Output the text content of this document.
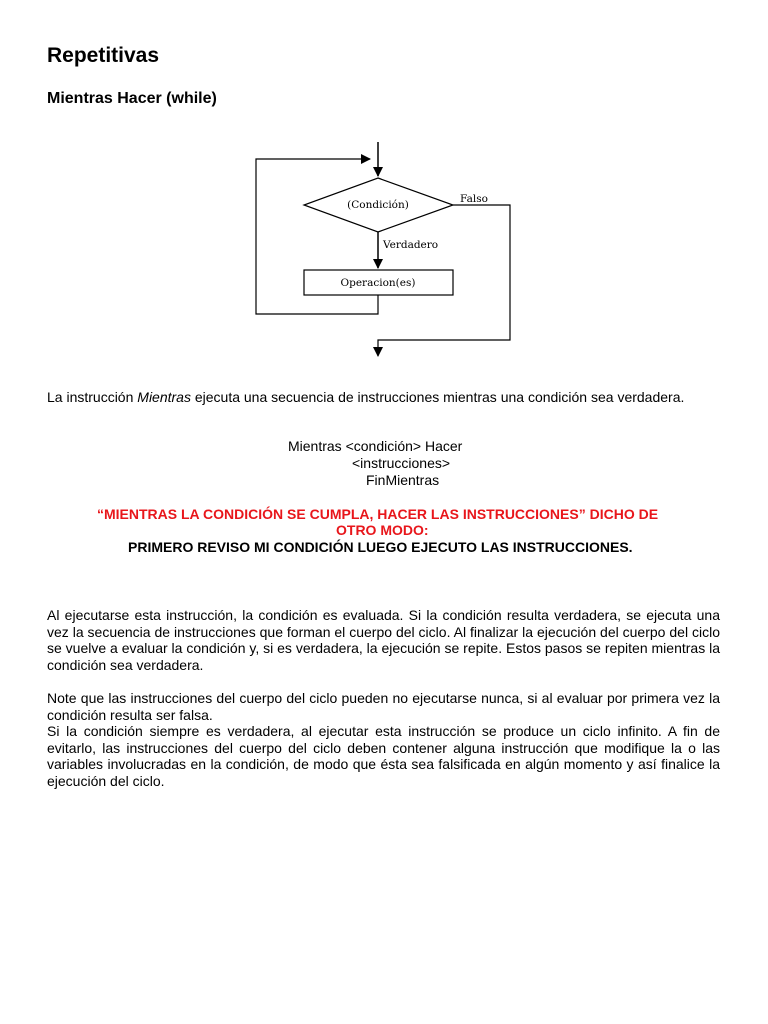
Repetitivas
Mientras Hacer (while)
(Condición)	Falso
Verdadero
Operacion(es)

La instrucción Mientras ejecuta una secuencia de instrucciones mientras una condición sea verdadera.

Mientras <condición> Hacer
<instrucciones>
FinMientras
“MIENTRAS LA CONDICIÓN SE CUMPLA, HACER LAS INSTRUCCIONES” DICHO DE
OTRO MODO:
PRIMERO REVISO MI CONDICIÓN LUEGO EJECUTO LAS INSTRUCCIONES.

Al ejecutarse esta instrucción, la condición es evaluada. Si la condición resulta verdadera, se ejecuta una vez la secuencia de instrucciones que forman el cuerpo del ciclo. Al finalizar la ejecución del cuerpo del ciclo se vuelve a evaluar la condición y, si es verdadera, la ejecución se repite. Estos pasos se repiten mientras la condición sea verdadera.

Note que las instrucciones del cuerpo del ciclo pueden no ejecutarse nunca, si al evaluar por primera vez la condición resulta ser falsa.

Si la condición siempre es verdadera, al ejecutar esta instrucción se produce un ciclo infinito. A fin de evitarlo, las instrucciones del cuerpo del ciclo deben contener alguna instrucción que modifique la o las variables involucradas en la condición, de modo que ésta sea falsificada en algún momento y así finalice la ejecución del ciclo.
